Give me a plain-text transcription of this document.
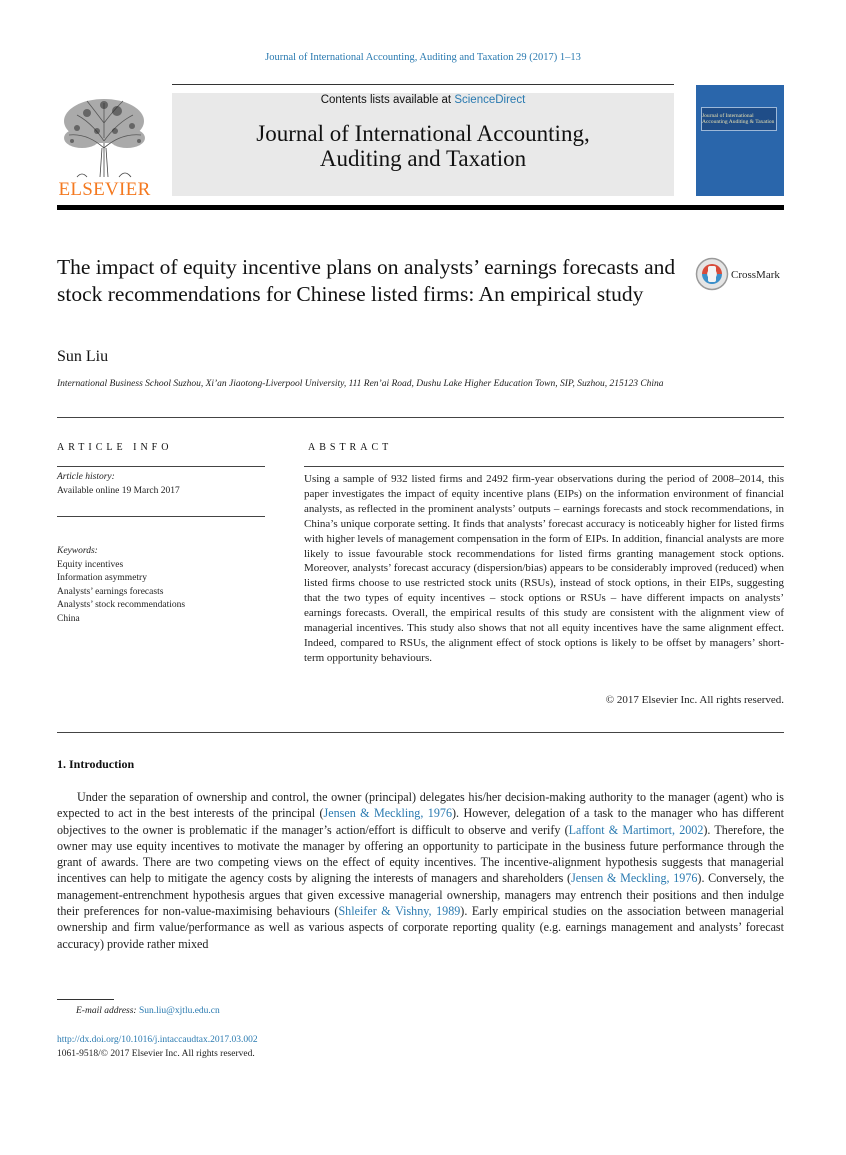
Journal of International Accounting, Auditing and Taxation 29 (2017) 1–13
ELSEVIER
Contents lists available at ScienceDirect
Journal of International Accounting,
Auditing and Taxation
Journal of International Accounting Auditing & Taxation
The impact of equity incentive plans on analysts’ earnings forecasts and stock recommendations for Chinese listed firms: An empirical study
CrossMark
Sun Liu
International Business School Suzhou, Xi’an Jiaotong-Liverpool University, 111 Ren’ai Road, Dushu Lake Higher Education Town, SIP, Suzhou, 215123 China
ARTICLE INFO
Article history:
Available online 19 March 2017
Keywords:
Equity incentives
Information asymmetry
Analysts’ earnings forecasts
Analysts’ stock recommendations
China
ABSTRACT
Using a sample of 932 listed firms and 2492 firm-year observations during the period of 2008–2014, this paper investigates the impact of equity incentive plans (EIPs) on the information environment of financial analysts, as reflected in the prominent analysts’ outputs – earnings forecasts and stock recommendations, in China’s unique corporate setting. It finds that analysts’ forecast accuracy is noticeably higher for listed firms with higher levels of management compensation in the form of EIPs. In addition, financial analysts are more likely to issue favourable stock recommendations for listed firms granting management stock options. Moreover, analysts’ forecast accuracy (dispersion/bias) appears to be considerably improved (reduced) when listed firms choose to use restricted stock units (RSUs), instead of stock options, in their EIPs, suggesting that the two types of equity incentives – stock options or RSUs – have different impacts on analysts’ earnings forecasts. Overall, the empirical results of this study are consistent with the alignment view of managerial incentives. This study also shows that not all equity incentives have the same alignment effect. Indeed, compared to RSUs, the alignment effect of stock options is likely to be offset by managers’ short-term opportunity behaviours.
© 2017 Elsevier Inc. All rights reserved.
1. Introduction
Under the separation of ownership and control, the owner (principal) delegates his/her decision-making authority to the manager (agent) who is expected to act in the best interests of the principal (Jensen & Meckling, 1976). However, delegation of a task to the manager who has different objectives to the owner is problematic if the manager’s action/effort is difficult to observe and verify (Laffont & Martimort, 2002). Therefore, the owner may use equity incentives to motivate the manager by offering an opportunity to participate in the business future performance through the grant of awards. There are two competing views on the effect of equity incentives. The incentive-alignment hypothesis suggests that managerial incentives can help to mitigate the agency costs by aligning the interests of managers and shareholders (Jensen & Meckling, 1976). Conversely, the management-entrenchment hypothesis argues that given excessive managerial ownership, managers may entrench their positions and then indulge their preferences for non-value-maximising behaviours (Shleifer & Vishny, 1989). Early empirical studies on the association between managerial ownership and firm value/performance as well as various aspects of corporate reporting quality (e.g. earnings management and analysts’ forecast accuracy) provide rather mixed
E-mail address: Sun.liu@xjtlu.edu.cn
http://dx.doi.org/10.1016/j.intaccaudtax.2017.03.002
1061-9518/© 2017 Elsevier Inc. All rights reserved.
